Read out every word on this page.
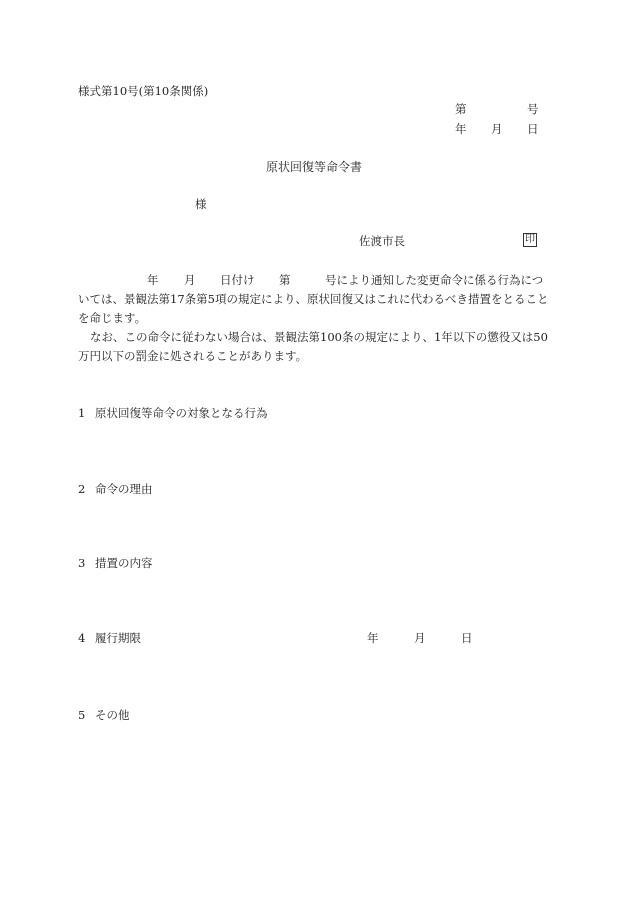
様式第10号(第10条関係)
第	号
年 月 日
原状回復等命令書
様
佐渡市長	印
年 月 日付け 第	号により通知した変更命令に係る行為につ
いては、景観法第17条第5項の規定により、原状回復又はこれに代わるべき措置をとること
を命じます。
なお、この命令に従わない場合は、景観法第100条の規定により、1年以下の懲役又は50
万円以下の罰金に処されることがあります。
1 原状回復等命令の対象となる行為
2 命令の理由
3 措置の内容
4 履行期限	年	月	日
5 その他
